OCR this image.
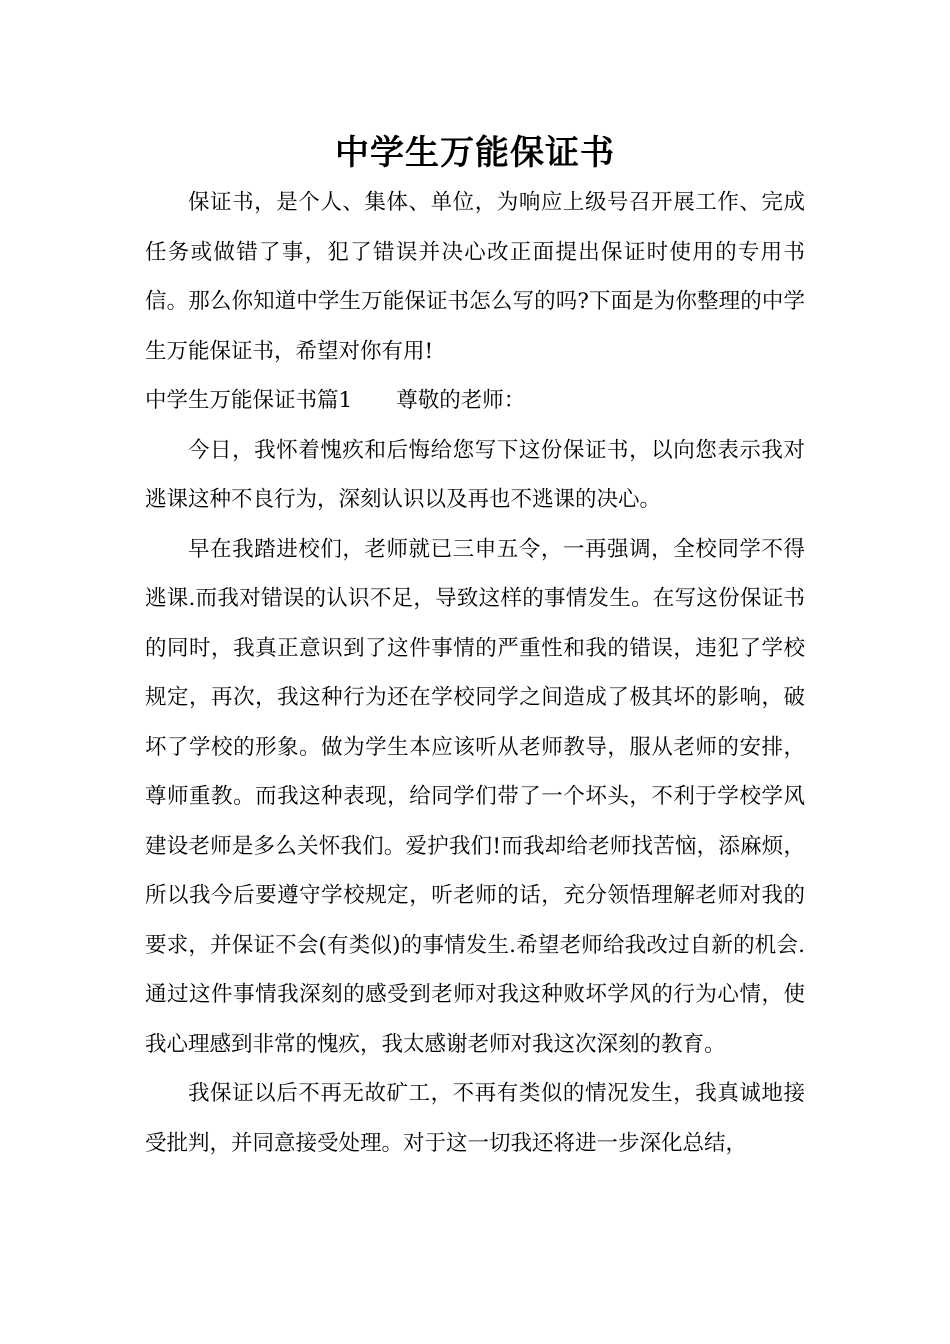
中学生万能保证书

保证书，是个人、集体、单位，为响应上级号召开展工作、完成任务或做错了事，犯了错误并决心改正面提出保证时使用的专用书信。那么你知道中学生万能保证书怎么写的吗?下面是为你整理的中学生万能保证书，希望对你有用!

中学生万能保证书篇1 尊敬的老师：

今日，我怀着愧疚和后悔给您写下这份保证书，以向您表示我对逃课这种不良行为，深刻认识以及再也不逃课的决心。

早在我踏进校们，老师就已三申五令，一再强调，全校同学不得逃课.而我对错误的认识不足，导致这样的事情发生。在写这份保证书的同时，我真正意识到了这件事情的严重性和我的错误，违犯了学校规定，再次，我这种行为还在学校同学之间造成了极其坏的影响，破坏了学校的形象。做为学生本应该听从老师教导，服从老师的安排，尊师重教。而我这种表现，给同学们带了一个坏头，不利于学校学风建设老师是多么关怀我们。爱护我们!而我却给老师找苦恼，添麻烦，所以我今后要遵守学校规定，听老师的话，充分领悟理解老师对我的要求，并保证不会(有类似)的事情发生.希望老师给我改过自新的机会.通过这件事情我深刻的感受到老师对我这种败坏学风的行为心情，使我心理感到非常的愧疚，我太感谢老师对我这次深刻的教育。

我保证以后不再无故矿工，不再有类似的情况发生，我真诚地接受批判，并同意接受处理。对于这一切我还将进一步深化总结，
